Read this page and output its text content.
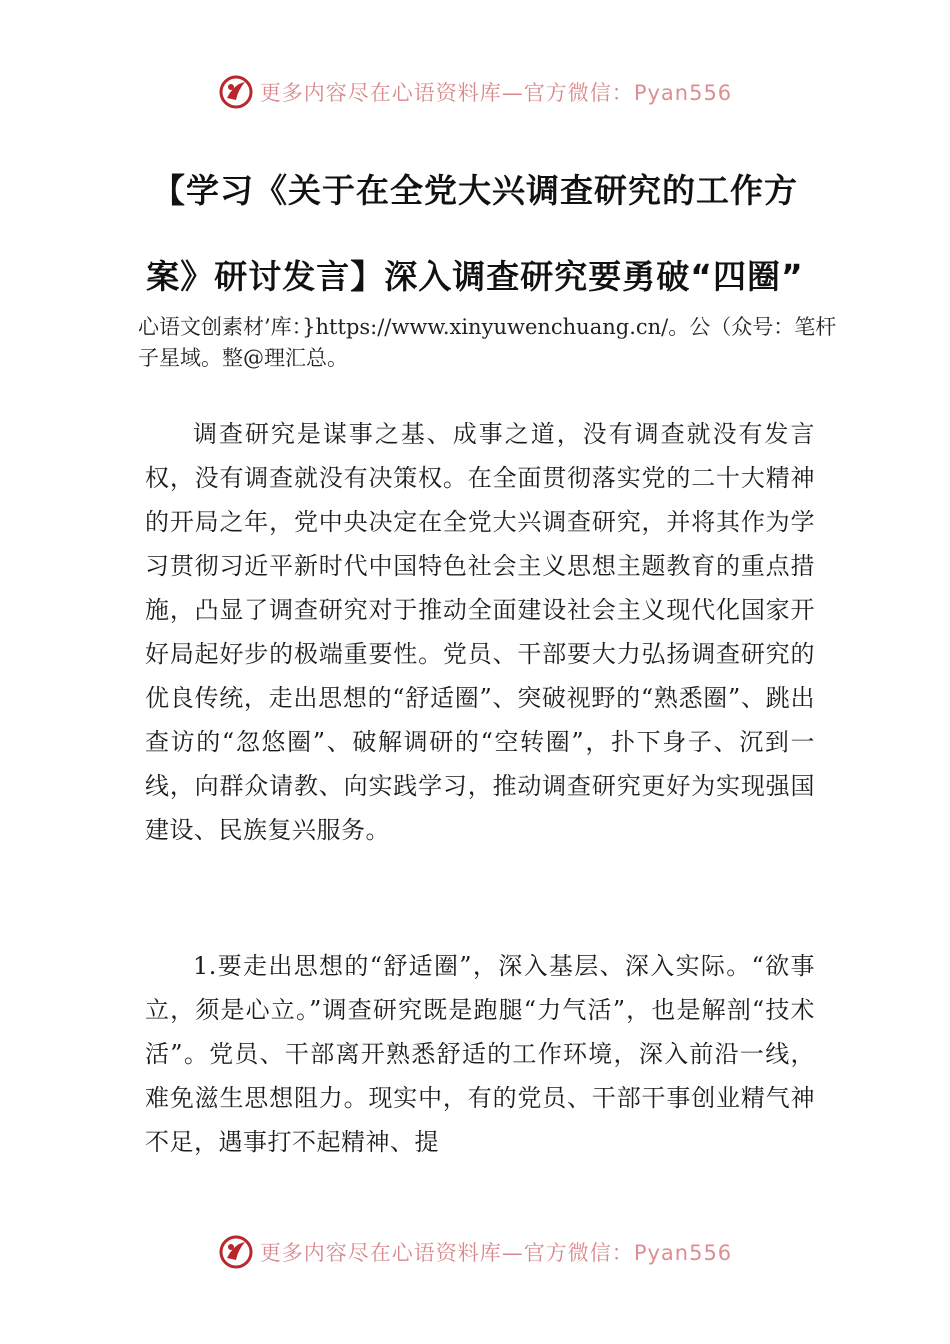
更多内容尽在心语资料库—官方微信：Pyan556
【学习《关于在全党大兴调查研究的工作方案》研讨发言】深入调查研究要勇破“四圈”

心语文创素材’库：}https://www.xinyuwenchuang.cn/。公（众号：笔杆子星域。整@理汇总。

调查研究是谋事之基、成事之道，没有调查就没有发言权，没有调查就没有决策权。在全面贯彻落实党的二十大精神的开局之年，党中央决定在全党大兴调查研究，并将其作为学习贯彻习近平新时代中国特色社会主义思想主题教育的重点措施，凸显了调查研究对于推动全面建设社会主义现代化国家开好局起好步的极端重要性。党员、干部要大力弘扬调查研究的优良传统，走出思想的“舒适圈”、突破视野的“熟悉圈”、跳出查访的“忽悠圈”、破解调研的“空转圈”，扑下身子、沉到一线，向群众请教、向实践学习，推动调查研究更好为实现强国建设、民族复兴服务。

1.要走出思想的“舒适圈”，深入基层、深入实际。“欲事立，须是心立。”调查研究既是跑腿“力气活”，也是解剖“技术活”。党员、干部离开熟悉舒适的工作环境，深入前沿一线，难免滋生思想阻力。现实中，有的党员、干部干事创业精气神不足，遇事打不起精神、提

更多内容尽在心语资料库—官方微信：Pyan556
